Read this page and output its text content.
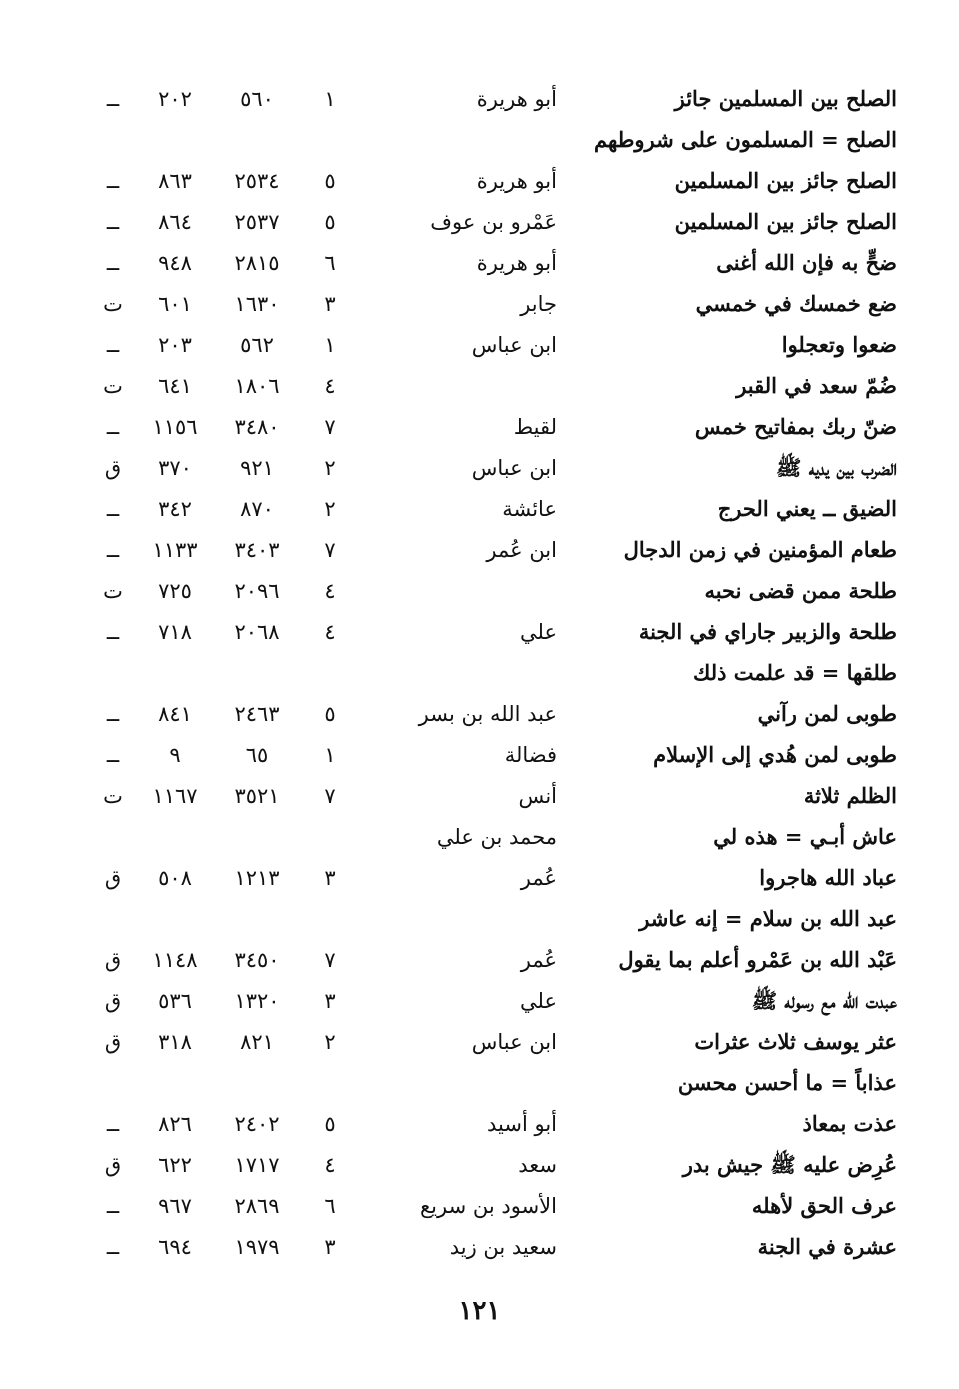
الصلح بين المسلمين جائز
أبو هريرة
١
٥٦٠
٢٠٢
ــ
الصلح = المسلمون على شروطهم
الصلح جائز بين المسلمين
أبو هريرة
٥
٢٥٣٤
٨٦٣
ــ
الصلح جائز بين المسلمين
عَمْرو بن عوف
٥
٢٥٣٧
٨٦٤
ــ
ضحٍّ به فإن الله أغنى
أبو هريرة
٦
٢٨١٥
٩٤٨
ــ
ضع خمسك في خمسي
جابر
٣
١٦٣٠
٦٠١
ت
ضعوا وتعجلوا
ابن عباس
١
٥٦٢
٢٠٣
ــ
ضُمّ سعد في القبر
٤
١٨٠٦
٦٤١
ت
ضنّ ربك بمفاتيح خمس
لقيط
٧
٣٤٨٠
١١٥٦
ــ
الضرب بين يديه ﷺ
ابن عباس
٢
٩٢١
٣٧٠
ق
الضيق ــ يعني الحرج
عائشة
٢
٨٧٠
٣٤٢
ــ
طعام المؤمنين في زمن الدجال
ابن عُمر
٧
٣٤٠٣
١١٣٣
ــ
طلحة ممن قضى نحبه
٤
٢٠٩٦
٧٢٥
ت
طلحة والزبير جاراي في الجنة
علي
٤
٢٠٦٨
٧١٨
ــ
طلقها = قد علمت ذلك
طوبى لمن رآني
عبد الله بن بسر
٥
٢٤٦٣
٨٤١
ــ
طوبى لمن هُدي إلى الإسلام
فضالة
١
٦٥
٩
ــ
الظلم ثلاثة
أنس
٧
٣٥٢١
١١٦٧
ت
عاش أبـي = هذه لي
محمد بن علي
عباد الله هاجروا
عُمر
٣
١٢١٣
٥٠٨
ق
عبد الله بن سلام = إنه عاشر
عَبْد الله بن عَمْرو أعلم بما يقول
عُمر
٧
٣٤٥٠
١١٤٨
ق
عبدت الله مع رسوله ﷺ
علي
٣
١٣٢٠
٥٣٦
ق
عثر يوسف ثلاث عثرات
ابن عباس
٢
٨٢١
٣١٨
ق
عذاباً = ما أحسن محسن
عذت بمعاذ
أبو أسيد
٥
٢٤٠٢
٨٢٦
ــ
عُرِض عليه ﷺ جيش بدر
سعد
٤
١٧١٧
٦٢٢
ق
عرف الحق لأهله
الأسود بن سريع
٦
٢٨٦٩
٩٦٧
ــ
عشرة في الجنة
سعيد بن زيد
٣
١٩٧٩
٦٩٤
ــ
١٢١
